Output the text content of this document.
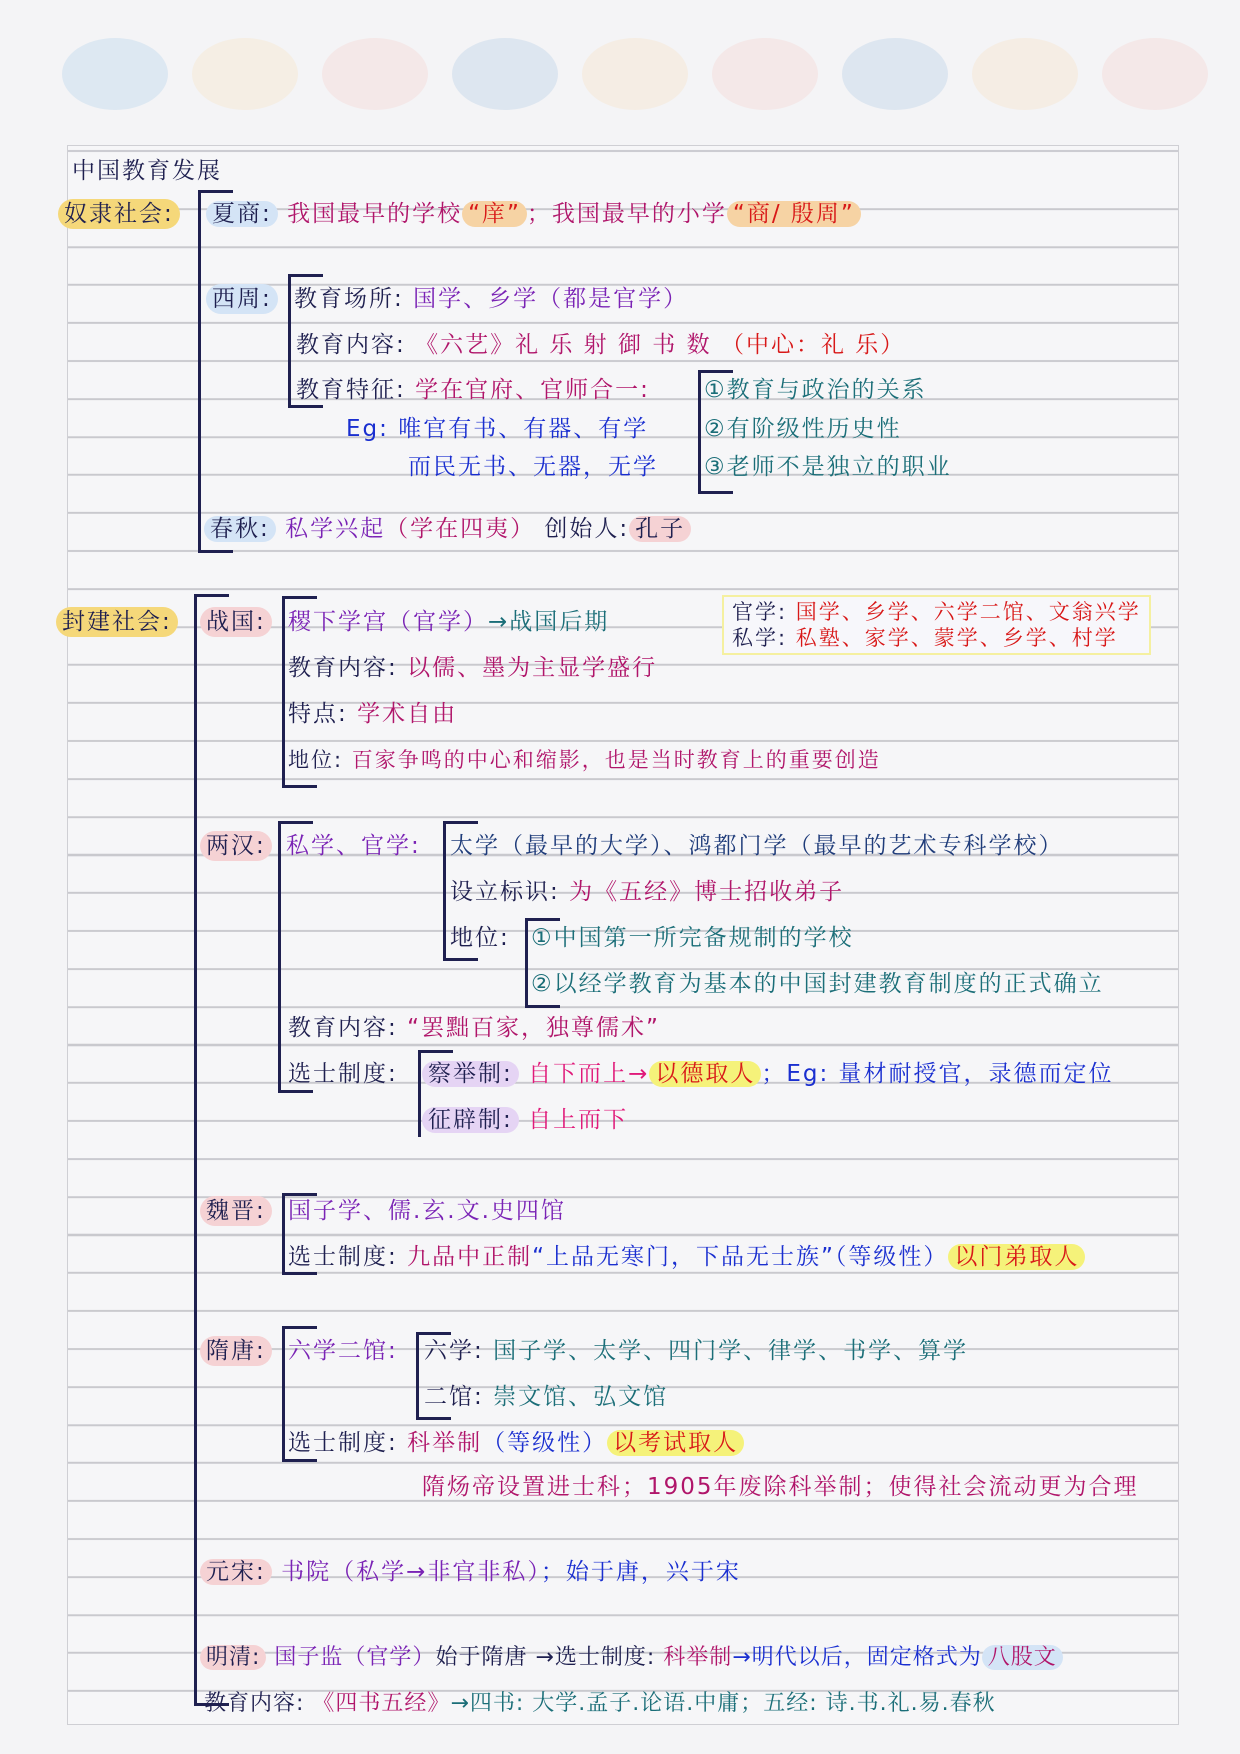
中国教育发展
奴隶社会: 夏商: 我国最早的学校 “庠” ；我国最早的小学 “商/ 殷周”
西周: 教育场所: 国学、乡学（都是官学）
教育内容: 《六艺》礼 乐 射 御 书 数 （中心：礼 乐）
教育特征: 学在官府、官师合一:
Eg: 唯官有书、有器、有学
而民无书、无器，无学
①教育与政治的关系
②有阶级性历史性
③老师不是独立的职业
春秋: 私学兴起（学在四夷） 创始人: 孔子
封建社会:	官学: 国学、乡学、六学二馆、文翁兴学
私学: 私塾、家学、蒙学、乡学、村学
战国: 稷下学宫（官学）→战国后期
教育内容: 以儒、墨为主显学盛行
特点: 学术自由
地位: 百家争鸣的中心和缩影，也是当时教育上的重要创造
两汉: 私学、官学: 太学（最早的大学）、鸿都门学（最早的艺术专科学校）
设立标识: 为《五经》博士招收弟子
地位: ①中国第一所完备规制的学校
②以经学教育为基本的中国封建教育制度的正式确立
教育内容: “罢黜百家，独尊儒术”
选士制度: 察举制: 自下而上→ 以德取人 ；Eg: 量材耐授官，录德而定位
征辟制: 自上而下
魏晋: 国子学、儒.玄.文.史四馆
选士制度: 九品中正制“上品无寒门，下品无士族”（等级性） 以门弟取人
隋唐: 六学二馆: 六学: 国子学、太学、四门学、律学、书学、算学
二馆: 崇文馆、弘文馆
选士制度: 科举制（等级性） 以考试取人
隋炀帝设置进士科；1905年废除科举制；使得社会流动更为合理
元宋: 书院（私学→非官非私）；始于唐，兴于宋
明清: 国子监（官学）始于隋唐 →选士制度: 科举制→明代以后，固定格式为 八股文
教育内容: 《四书五经》→四书: 大学.孟子.论语.中庸；五经: 诗.书.礼.易.春秋
